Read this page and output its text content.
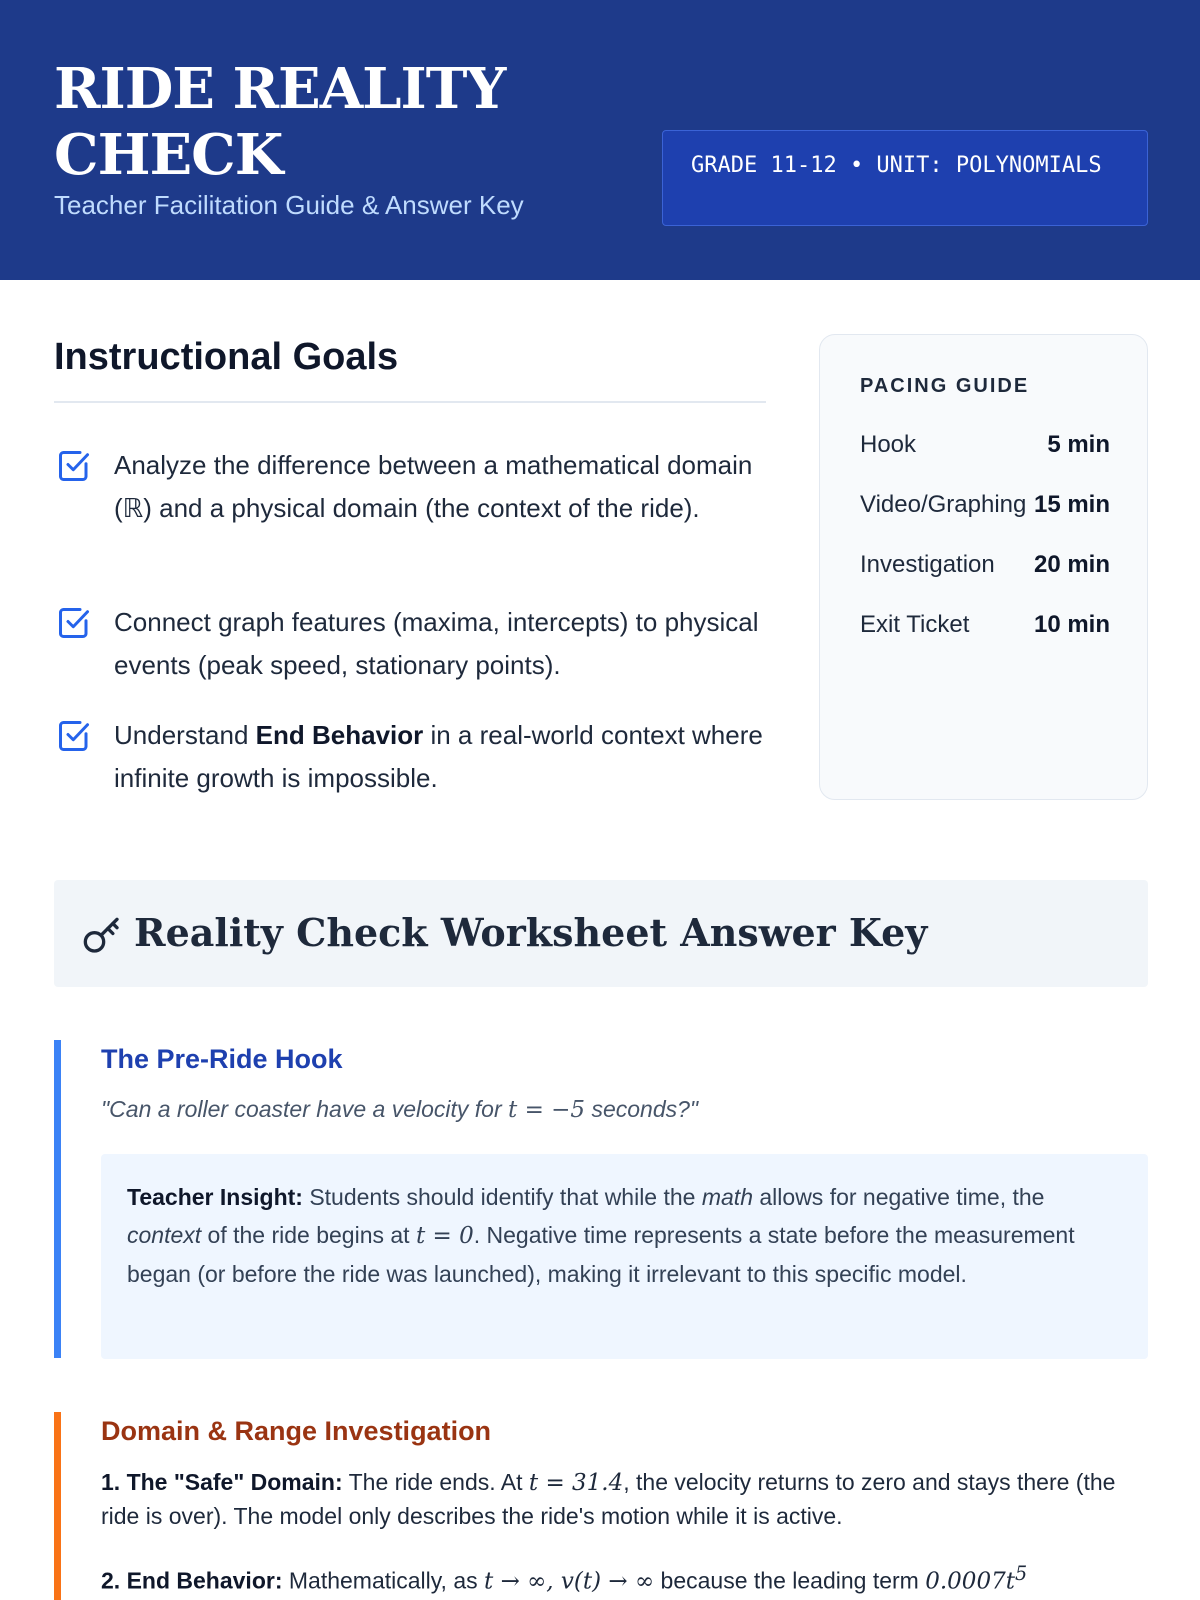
RIDE REALITY CHECK
Teacher Facilitation Guide & Answer Key
GRADE 11-12 • UNIT: POLYNOMIALS
Instructional Goals
Analyze the difference between a mathematical domain (ℝ) and a physical domain (the context of the ride).
Connect graph features (maxima, intercepts) to physical events (peak speed, stationary points).
Understand End Behavior in a real-world context where infinite growth is impossible.
PACING GUIDE
Hook	5 min
Video/Graphing 15 min
Investigation 20 min
Exit Ticket	10 min
Reality Check Worksheet Answer Key
The Pre-Ride Hook
"Can a roller coaster have a velocity for t = −5 seconds?"
Teacher Insight: Students should identify that while the math allows for negative time, the context of the ride begins at t = 0. Negative time represents a state before the measurement began (or before the ride was launched), making it irrelevant to this specific model.
Domain & Range Investigation
1. The "Safe" Domain: The ride ends. At t = 31.4, the velocity returns to zero and stays there (the ride is over). The model only describes the ride's motion while it is active.
2. End Behavior: Mathematically, as t → ∞, v(t) → ∞ because the leading term $0.0007t^5$
